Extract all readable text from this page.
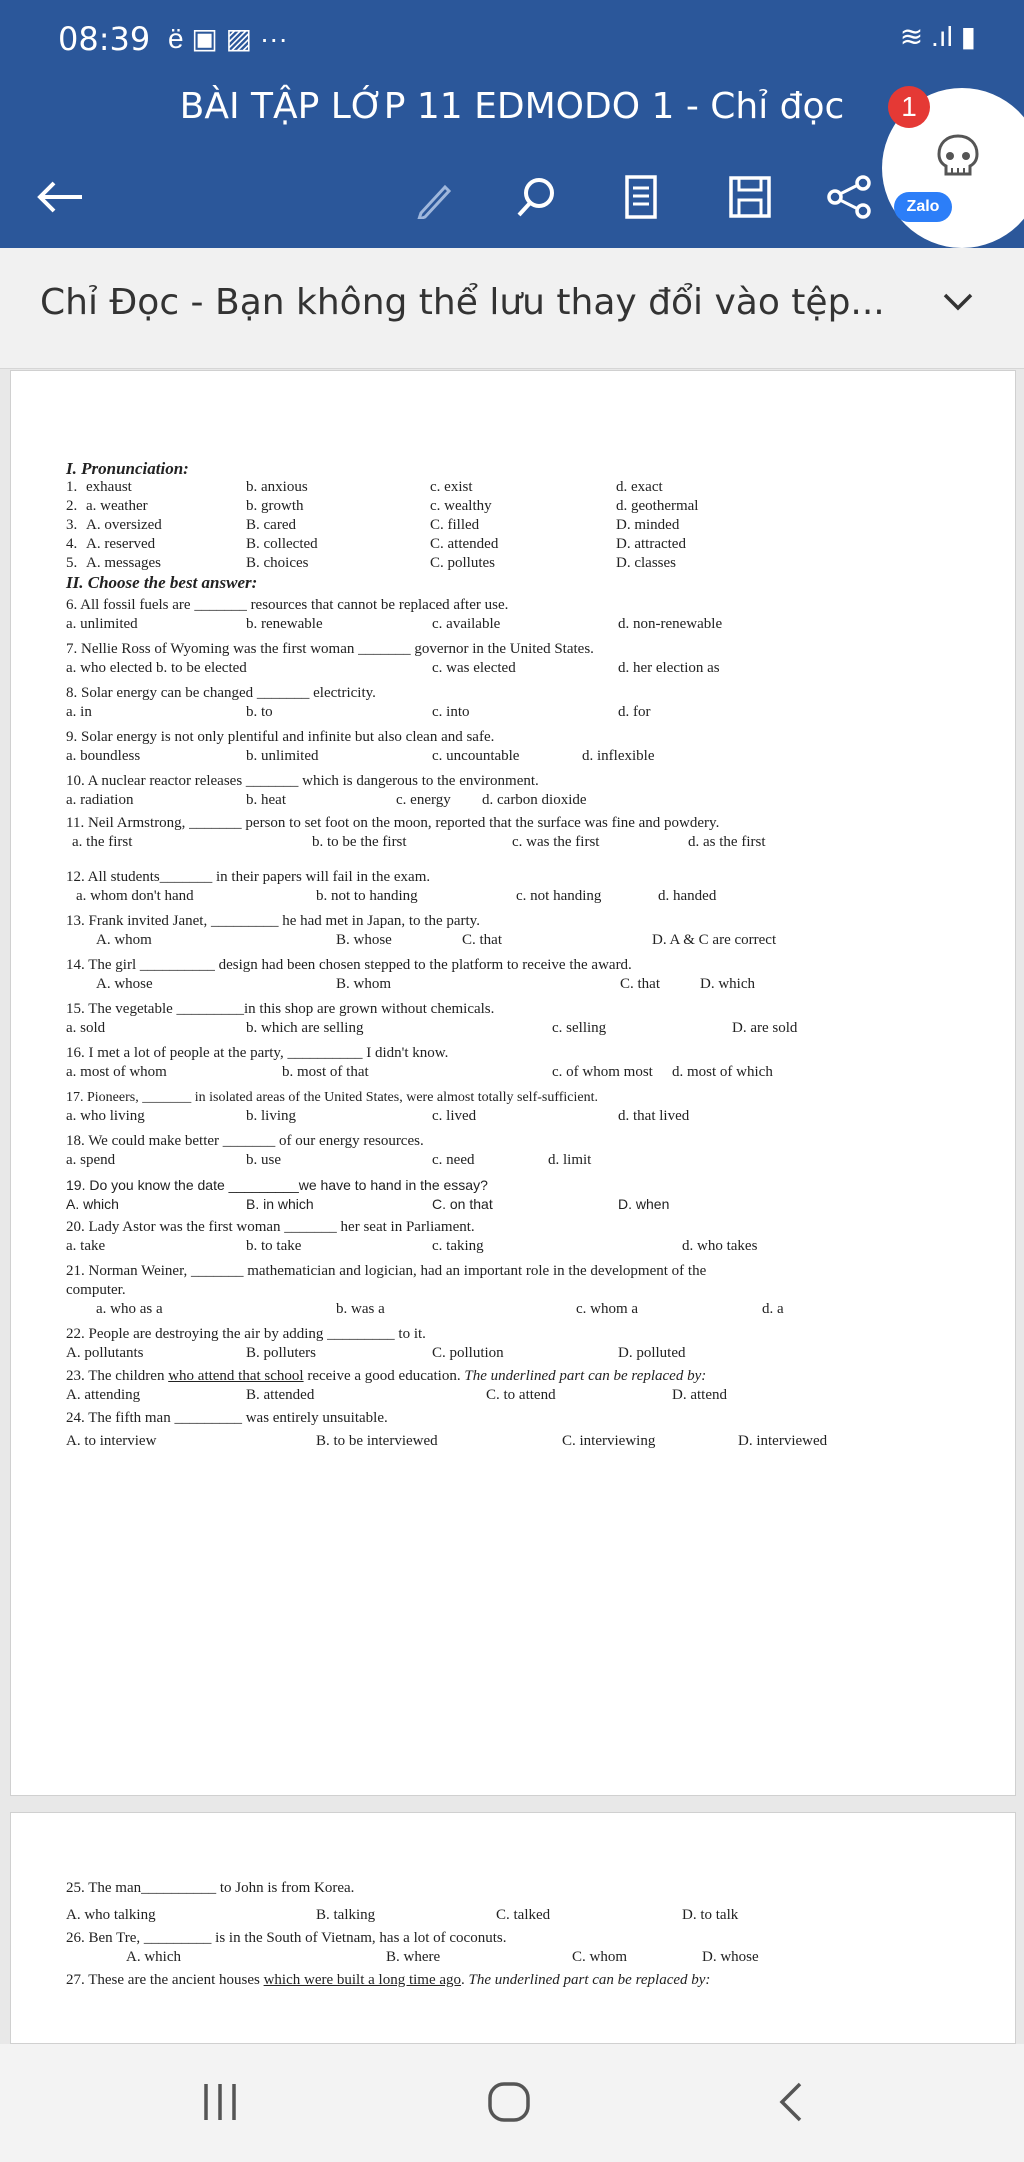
08:39 ë ▣ ▨ ···	≋ .ıl ▮
BÀI TẬP LỚP 11 EDMODO 1 - Chỉ đọc	1
Zalo
Chỉ Đọc - Bạn không thể lưu thay đổi vào tệp...
I. Pronunciation:
1. exhaust	b. anxious	c. exist	d. exact
2. a. weather	b. growth	c. wealthy	d. geothermal
3. A. oversized	B. cared	C. filled	D. minded
4. A. reserved	B. collected	C. attended	D. attracted
5. A. messages	B. choices	C. pollutes	D. classes
II. Choose the best answer:
6. All fossil fuels are _______ resources that cannot be replaced after use.
a. unlimited	b. renewable	c. available	d. non-renewable
7. Nellie Ross of Wyoming was the first woman _______ governor in the United States.
a. who elected b. to be elected	c. was elected	d. her election as
8. Solar energy can be changed _______ electricity.
a. in	b. to	c. into	d. for
9. Solar energy is not only plentiful and infinite but also clean and safe.
a. boundless	b. unlimited	c. uncountable	d. inflexible
10. A nuclear reactor releases _______ which is dangerous to the environment.
a. radiation	b. heat	c. energy	d. carbon dioxide
11. Neil Armstrong, _______ person to set foot on the moon, reported that the surface was fine and powdery.
a. the first	b. to be the first	c. was the first	d. as the first
12. All students_______ in their papers will fail in the exam.
a. whom don't hand	b. not to handing	c. not handing	d. handed
13. Frank invited Janet, _________ he had met in Japan, to the party.
A. whom	B. whose	C. that	D. A & C are correct
14. The girl __________ design had been chosen stepped to the platform to receive the award.
A. whose	B. whom	C. that	D. which
15. The vegetable _________in this shop are grown without chemicals.
a. sold	b. which are selling	c. selling	D. are sold
16. I met a lot of people at the party, __________ I didn't know.
a. most of whom	b. most of that	c. of whom most	d. most of which
17. Pioneers, _______ in isolated areas of the United States, were almost totally self-sufficient.
a. who living	b. living	c. lived	d. that lived
18. We could make better _______ of our energy resources.
a. spend	b. use	c. need	d. limit
19. Do you know the date _________we have to hand in the essay?
A. which	B. in which	C. on that	D. when
20. Lady Astor was the first woman _______ her seat in Parliament.
a. take	b. to take	c. taking	d. who takes
21. Norman Weiner, _______ mathematician and logician, had an important role in the development of the
computer.
a. who as a	b. was a	c. whom a	d. a
22. People are destroying the air by adding _________ to it.
A. pollutants	B. polluters	C. pollution	D. polluted
23. The children who attend that school receive a good education. The underlined part can be replaced by:
A. attending	B. attended	C. to attend	D. attend
24. The fifth man _________ was entirely unsuitable.
A. to interview	B. to be interviewed	C. interviewing	D. interviewed
25. The man__________ to John is from Korea.
A. who talking	B. talking	C. talked	D. to talk
26. Ben Tre, _________ is in the South of Vietnam, has a lot of coconuts.
A. which	B. where	C. whom	D. whose
27. These are the ancient houses which were built a long time ago. The underlined part can be replaced by:
